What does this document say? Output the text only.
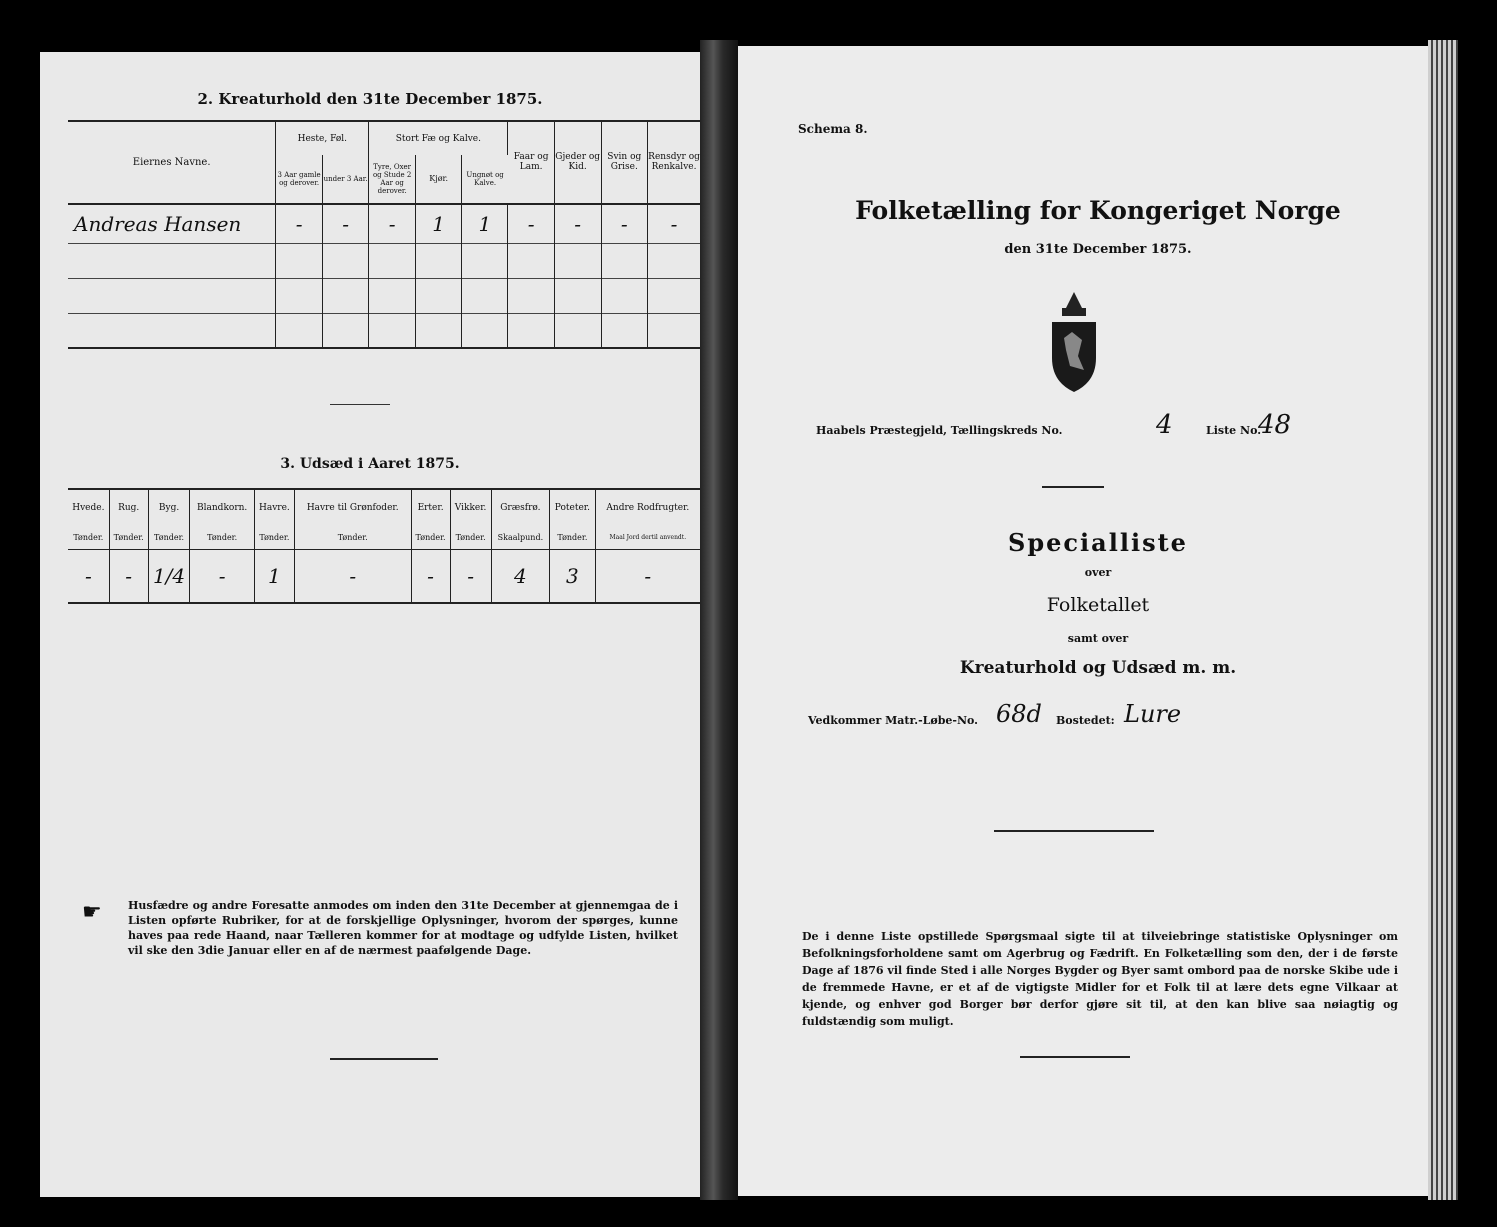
2. Kreaturhold den 31te December 1875.
Eiernes Navne.	Heste, Føl.		Stort Fæ og Kalve.			Faar og Lam.	Gjeder og Kid.	Svin og Grise.	Rensdyr og Renkalve.
	3 Aar gamle og derover.	under 3 Aar.	Tyre, Oxer og Stude 2 Aar og derover.	Kjør.	Ungnøt og Kalve.				
Andreas Hansen	-	-	-	1	1	-	-	-	-

3. Udsæd i Aaret 1875.
Hvede.	Rug.	Byg.	Blandkorn.	Havre.	Havre til Grønfoder.	Erter.	Vikker.	Græsfrø.	Poteter.	Andre Rodfrugter.
Tønder.	Tønder.	Tønder.	Tønder.	Tønder.	Tønder.	Tønder.	Tønder.	Skaalpund.	Tønder.	Maal Jord dertil anvendt.
-	-	1/4	-	1	-	-	-	4	3	-
☛ Husfædre og andre Foresatte anmodes om inden den 31te December at gjennemgaa de i Listen opførte Rubriker, for at de forskjellige Oplysninger, hvorom der spørges, kunne haves paa rede Haand, naar Tælleren kommer for at modtage og udfylde Listen, hvilket vil ske den 3die Januar eller en af de nærmest paafølgende Dage.
Schema 8.
Folketælling for Kongeriget Norge
den 31te December 1875.
Haabels Præstegjeld, Tællingskreds No.	4	Liste No.
48
Specialliste
over
Folketallet
samt over
Kreaturhold og Udsæd m. m.
Vedkommer Matr.-Løbe-No. 68d Bostedet: Lure
De i denne Liste opstillede Spørgsmaal sigte til at tilveiebringe statistiske Oplysninger om Befolkningsforholdene samt om Agerbrug og Fædrift. En Folketælling som den, der i de første Dage af 1876 vil finde Sted i alle Norges Bygder og Byer samt ombord paa de norske Skibe ude i de fremmede Havne, er et af de vigtigste Midler for et Folk til at lære dets egne Vilkaar at kjende, og enhver god Borger bør derfor gjøre sit til, at den kan blive saa nøiagtig og fuldstændig som muligt.
